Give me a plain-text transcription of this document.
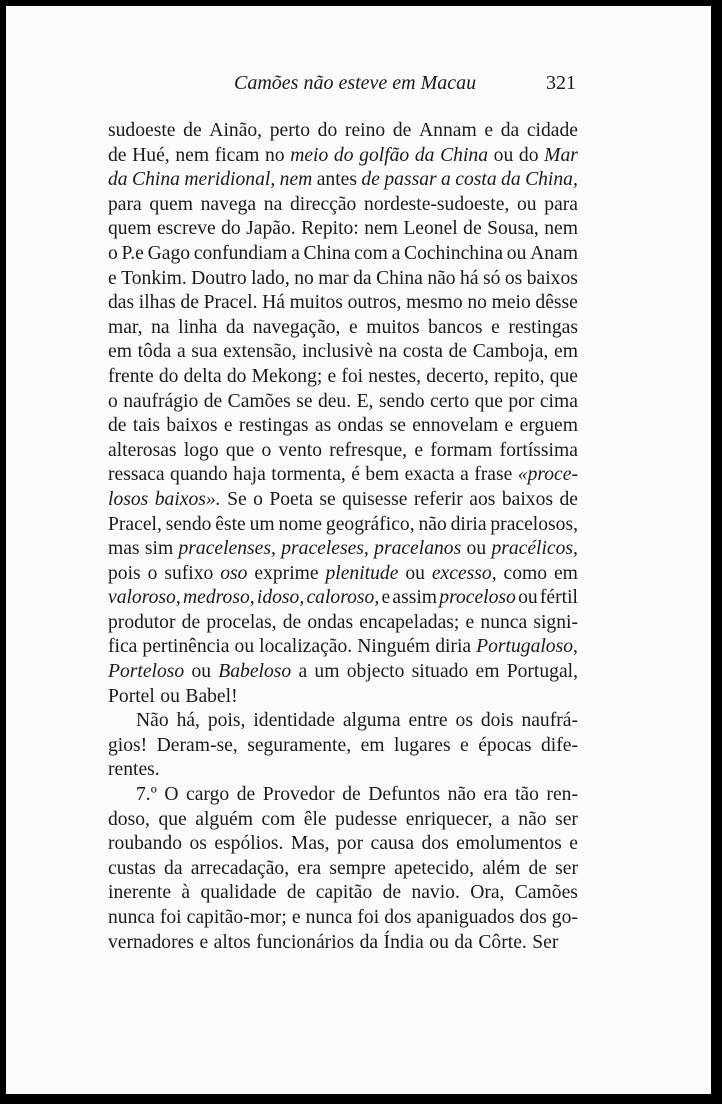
Camões não esteve em Macau	321
sudoeste de Ainão, perto do reino de Annam e da cidade
de Hué, nem ficam no meio do golfão da China ou do Mar
da China meridional, nem antes de passar a costa da China,
para quem navega na direcção nordeste-sudoeste, ou para
quem escreve do Japão. Repito: nem Leonel de Sousa, nem
o P.e Gago confundiam a China com a Cochinchina ou Anam
e Tonkim. Doutro lado, no mar da China não há só os baixos
das ilhas de Pracel. Há muitos outros, mesmo no meio dêsse
mar, na linha da navegação, e muitos bancos e restingas
em tôda a sua extensão, inclusivè na costa de Camboja, em
frente do delta do Mekong; e foi nestes, decerto, repito, que
o naufrágio de Camões se deu. E, sendo certo que por cima
de tais baixos e restingas as ondas se ennovelam e erguem
alterosas logo que o vento refresque, e formam fortíssima
ressaca quando haja tormenta, é bem exacta a frase «proce-
losos baixos». Se o Poeta se quisesse referir aos baixos de
Pracel, sendo êste um nome geográfico, não diria pracelosos,
mas sim pracelenses, praceleses, pracelanos ou pracélicos,
pois o sufixo oso exprime plenitude ou excesso, como em
valoroso, medroso, idoso, caloroso, e assim proceloso ou fértil
produtor de procelas, de ondas encapeladas; e nunca signi-
fica pertinência ou localização. Ninguém diria Portugaloso,
Porteloso ou Babeloso a um objecto situado em Portugal,
Portel ou Babel!
Não há, pois, identidade alguma entre os dois naufrá-
gios! Deram-se, seguramente, em lugares e épocas dife-
rentes.
7.º O cargo de Provedor de Defuntos não era tão ren-
doso, que alguém com êle pudesse enriquecer, a não ser
roubando os espólios. Mas, por causa dos emolumentos e
custas da arrecadação, era sempre apetecido, além de ser
inerente à qualidade de capitão de navio. Ora, Camões
nunca foi capitão-mor; e nunca foi dos apaniguados dos go-
vernadores e altos funcionários da Índia ou da Côrte. Ser
